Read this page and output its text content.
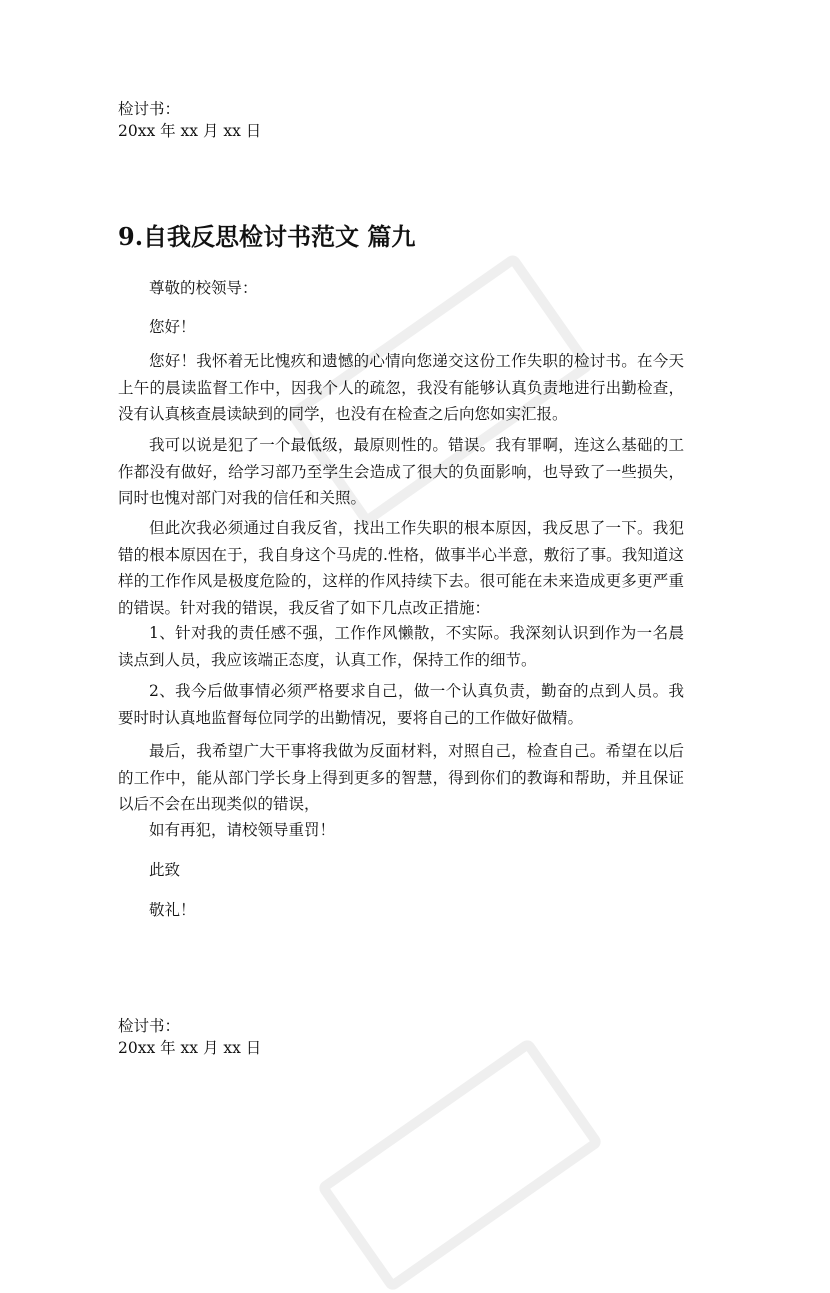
检讨书：
20xx 年 xx 月 xx 日
9.自我反思检讨书范文 篇九

尊敬的校领导：

您好！

您好！我怀着无比愧疚和遗憾的心情向您递交这份工作失职的检讨书。在今天上午的晨读监督工作中，因我个人的疏忽，我没有能够认真负责地进行出勤检查，没有认真核查晨读缺到的同学，也没有在检查之后向您如实汇报。

我可以说是犯了一个最低级，最原则性的。错误。我有罪啊，连这么基础的工作都没有做好，给学习部乃至学生会造成了很大的负面影响，也导致了一些损失，同时也愧对部门对我的信任和关照。

但此次我必须通过自我反省，找出工作失职的根本原因，我反思了一下。我犯错的根本原因在于，我自身这个马虎的.性格，做事半心半意，敷衍了事。我知道这样的工作作风是极度危险的，这样的作风持续下去。很可能在未来造成更多更严重的错误。针对我的错误，我反省了如下几点改正措施：

1、针对我的责任感不强，工作作风懒散，不实际。我深刻认识到作为一名晨读点到人员，我应该端正态度，认真工作，保持工作的细节。

2、我今后做事情必须严格要求自己，做一个认真负责，勤奋的点到人员。我要时时认真地监督每位同学的出勤情况，要将自己的工作做好做精。

最后，我希望广大干事将我做为反面材料，对照自己，检查自己。希望在以后的工作中，能从部门学长身上得到更多的智慧，得到你们的教诲和帮助，并且保证以后不会在出现类似的错误，

如有再犯，请校领导重罚！

此致

敬礼！

检讨书：
20xx 年 xx 月 xx 日
